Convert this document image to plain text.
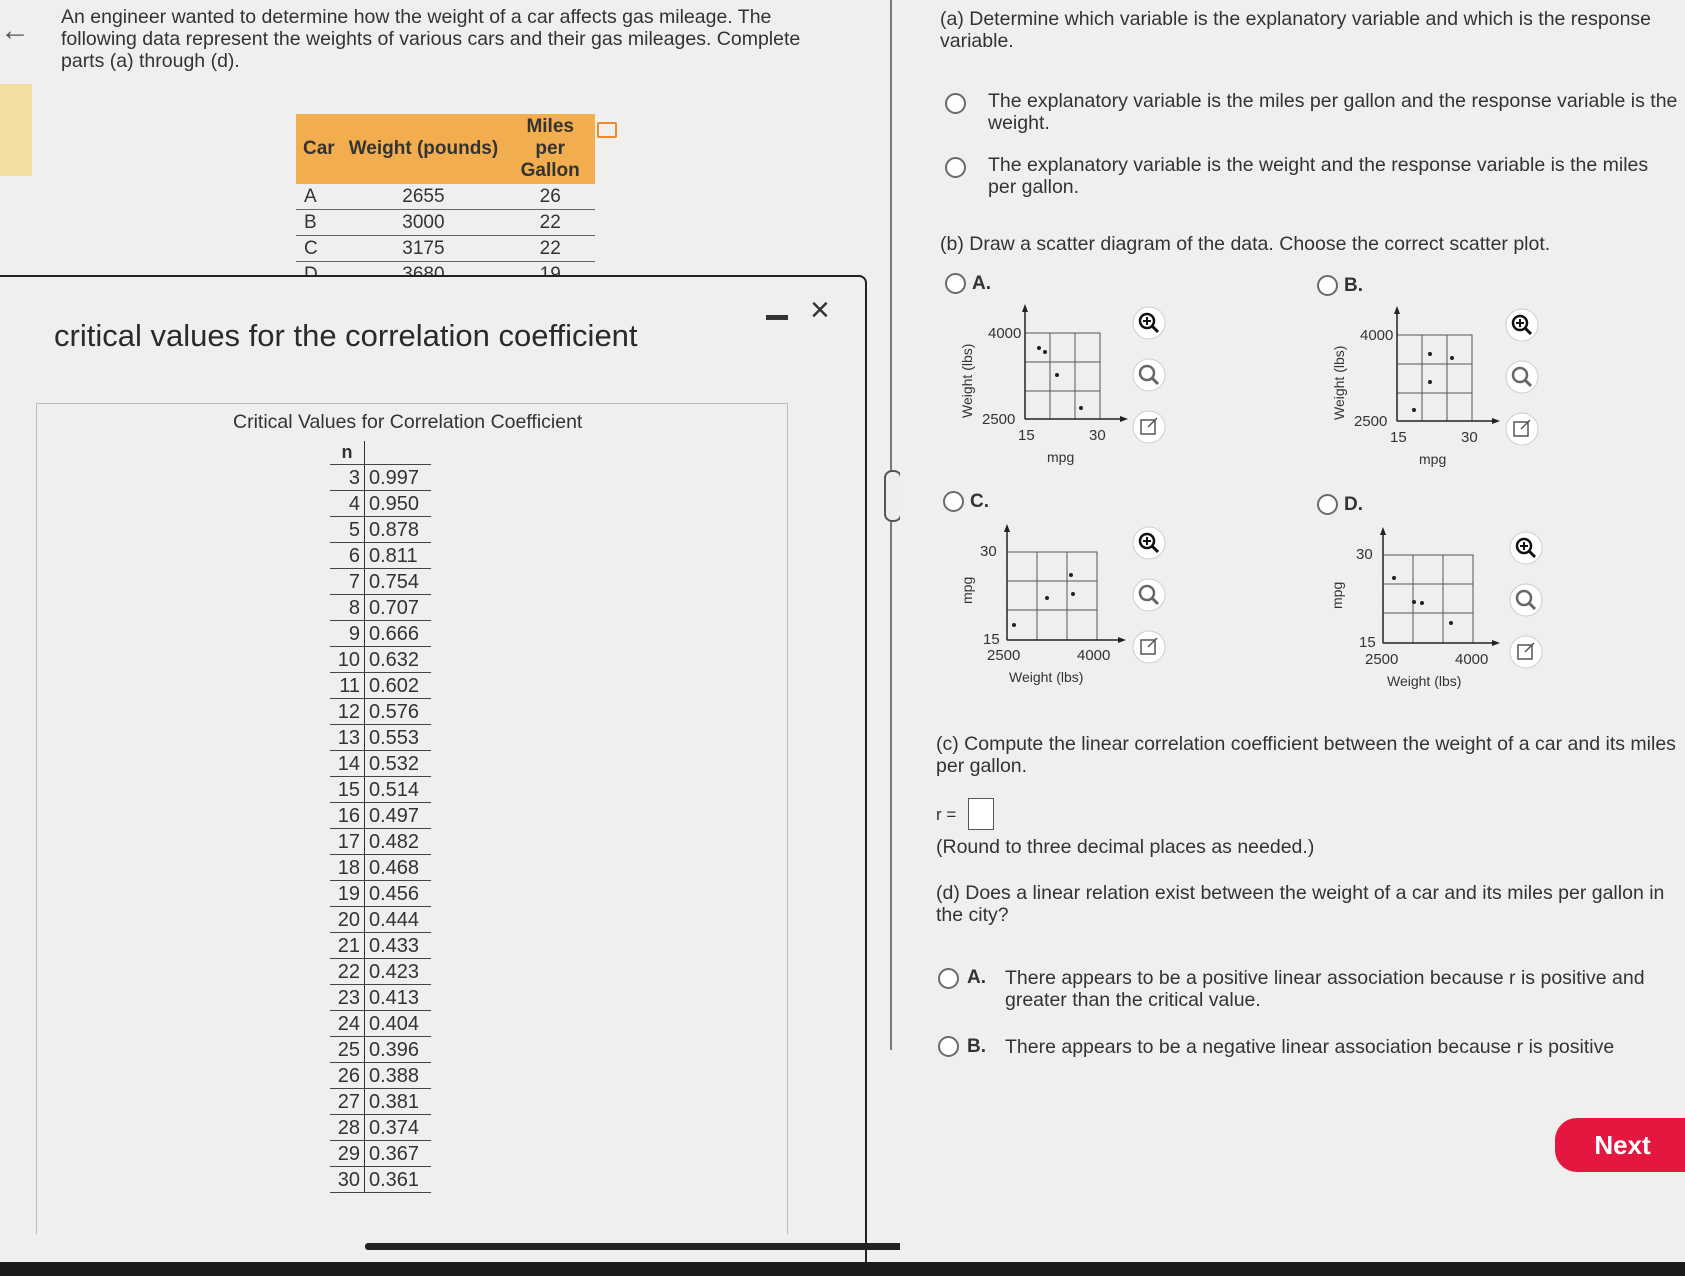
← An engineer wanted to determine how the weight of a car affects gas mileage. The following data represent the weights of various cars and their gas mileages. Complete parts (a) through (d).
Car	Weight (pounds)	Miles per Gallon
A	2655	26
B	3000	22
C	3175	22

critical values for the correlation coefficient
×
Critical Values for Correlation Coefficient
n	
3	0.997
4	0.950
5	0.878
6	0.811
7	0.754
8	0.707
9	0.666
10	0.632
11	0.602
12	0.576
13	0.553
14	0.532
15	0.514
16	0.497
17	0.482
18	0.468
19	0.456
20	0.444
21	0.433
22	0.423
23	0.413
24	0.404
25	0.396
26	0.388
27	0.381
28	0.374
29	0.367
30	0.361
(a) Determine which variable is the explanatory variable and which is the response variable.
The explanatory variable is the miles per gallon and the response variable is the weight.
The explanatory variable is the weight and the response variable is the miles per gallon.
(b) Draw a scatter diagram of the data. Choose the correct scatter plot.
A.	B.
C.	D.
4000
2500
15	30
mpg
Weight (lbs)
4000
2500
15	30
mpg
Weight (lbs)
30
15
2500	4000
Weight (lbs)
mpg
30
15
2500	4000
Weight (lbs)
mpg
(c) Compute the linear correlation coefficient between the weight of a car and its miles per gallon.
r =
(Round to three decimal places as needed.)
(d) Does a linear relation exist between the weight of a car and its miles per gallon in the city?
A. There appears to be a positive linear association because r is positive and greater than the critical value.
B. There appears to be a negative linear association because r is positive
Next
